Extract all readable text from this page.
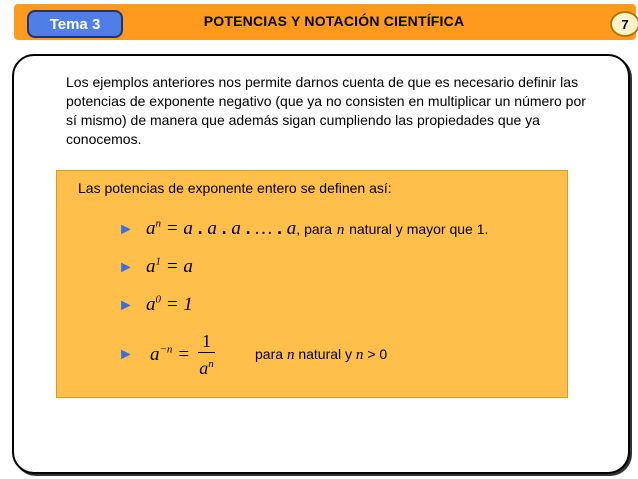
Tema 3	POTENCIAS Y NOTACIÓN CIENTÍFICA	7

Los ejemplos anteriores nos permite darnos cuenta de que es necesario definir las potencias de exponente negativo (que ya no consisten en multiplicar un número por sí mismo) de manera que además sigan cumpliendo las propiedades que ya conocemos.

Las potencias de exponente entero se definen así:
► $a^n = a$ . a . a . … . a, para n natural y mayor que 1.
► $a^1 = a$
► $a^0 = 1$
► $a^{-n} = \frac{1}{a^n}$	para n natural y n > 0
